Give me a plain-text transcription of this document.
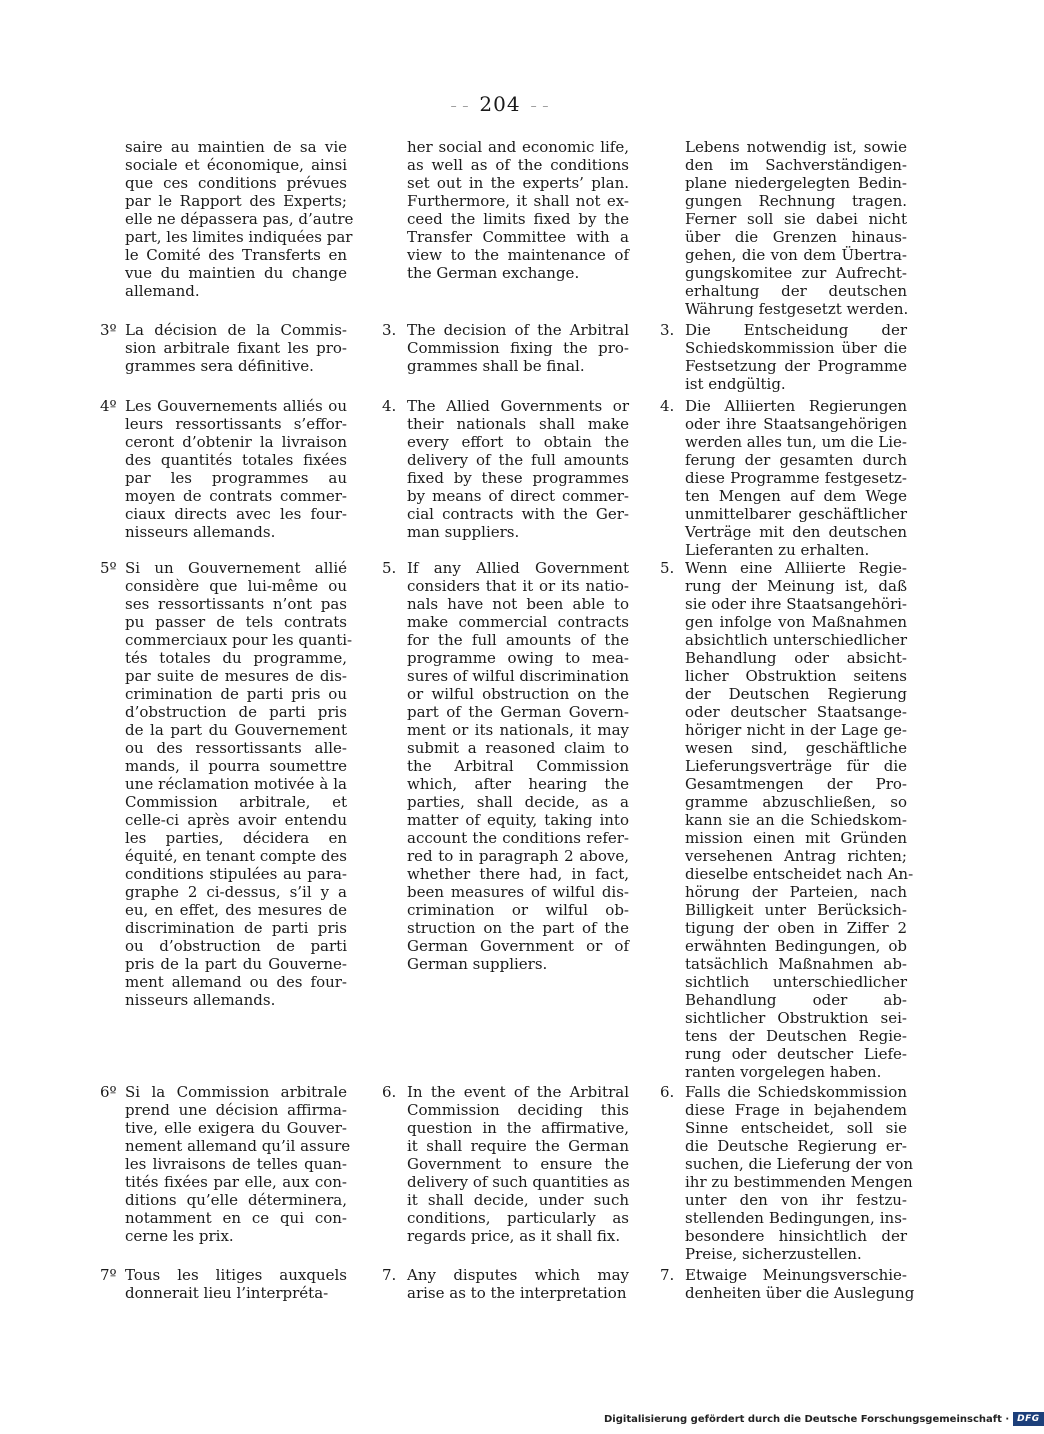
– – 204 – –
saire au maintien de sa vie
sociale et économique, ainsi
que ces conditions prévues
par le Rapport des Experts;
elle ne dépassera pas, d’autre
part, les limites indiquées par
le Comité des Transferts en
vue du maintien du change
allemand.
3º La décision de la Commis-
sion arbitrale fixant les pro-
grammes sera définitive.
4º Les Gouvernements alliés ou
leurs ressortissants s’effor-
ceront d’obtenir la livraison
des quantités totales fixées
par les programmes au
moyen de contrats commer-
ciaux directs avec les four-
nisseurs allemands.
5º Si un Gouvernement allié
considère que lui-même ou
ses ressortissants n’ont pas
pu passer de tels contrats
commerciaux pour les quanti-
tés totales du programme,
par suite de mesures de dis-
crimination de parti pris ou
d’obstruction de parti pris
de la part du Gouvernement
ou des ressortissants alle-
mands, il pourra soumettre
une réclamation motivée à la
Commission arbitrale, et
celle-ci après avoir entendu
les parties, décidera en
équité, en tenant compte des
conditions stipulées au para-
graphe 2 ci-dessus, s’il y a
eu, en effet, des mesures de
discrimination de parti pris
ou d’obstruction de parti
pris de la part du Gouverne-
ment allemand ou des four-
nisseurs allemands.
6º Si la Commission arbitrale
prend une décision affirma-
tive, elle exigera du Gouver-
nement allemand qu’il assure
les livraisons de telles quan-
tités fixées par elle, aux con-
ditions qu’elle déterminera,
notamment en ce qui con-
cerne les prix.
7º Tous les litiges auxquels
donnerait lieu l’interpréta-
her social and economic life,
as well as of the conditions
set out in the experts’ plan.
Furthermore, it shall not ex-
ceed the limits fixed by the
Transfer Committee with a
view to the maintenance of
the German exchange.
3. The decision of the Arbitral
Commission fixing the pro-
grammes shall be final.
4. The Allied Governments or
their nationals shall make
every effort to obtain the
delivery of the full amounts
fixed by these programmes
by means of direct commer-
cial contracts with the Ger-
man suppliers.
5. If any Allied Government
considers that it or its natio-
nals have not been able to
make commercial contracts
for the full amounts of the
programme owing to mea-
sures of wilful discrimination
or wilful obstruction on the
part of the German Govern-
ment or its nationals, it may
submit a reasoned claim to
the Arbitral Commission
which, after hearing the
parties, shall decide, as a
matter of equity, taking into
account the conditions refer-
red to in paragraph 2 above,
whether there had, in fact,
been measures of wilful dis-
crimination or wilful ob-
struction on the part of the
German Government or of
German suppliers.
6. In the event of the Arbitral
Commission deciding this
question in the affirmative,
it shall require the German
Government to ensure the
delivery of such quantities as
it shall decide, under such
conditions, particularly as
regards price, as it shall fix.
7. Any disputes which may
arise as to the interpretation
Lebens notwendig ist, sowie
den im Sachverständigen-
plane niedergelegten Bedin-
gungen Rechnung tragen.
Ferner soll sie dabei nicht
über die Grenzen hinaus-
gehen, die von dem Übertra-
gungskomitee zur Aufrecht-
erhaltung der deutschen
Währung festgesetzt werden.
3. Die Entscheidung der
Schiedskommission über die
Festsetzung der Programme
ist endgültig.
4. Die Alliierten Regierungen
oder ihre Staatsangehörigen
werden alles tun, um die Lie-
ferung der gesamten durch
diese Programme festgesetz-
ten Mengen auf dem Wege
unmittelbarer geschäftlicher
Verträge mit den deutschen
Lieferanten zu erhalten.
5. Wenn eine Alliierte Regie-
rung der Meinung ist, daß
sie oder ihre Staatsangehöri-
gen infolge von Maßnahmen
absichtlich unterschiedlicher
Behandlung oder absicht-
licher Obstruktion seitens
der Deutschen Regierung
oder deutscher Staatsange-
höriger nicht in der Lage ge-
wesen sind, geschäftliche
Lieferungsverträge für die
Gesamtmengen der Pro-
gramme abzuschließen, so
kann sie an die Schiedskom-
mission einen mit Gründen
versehenen Antrag richten;
dieselbe entscheidet nach An-
hörung der Parteien, nach
Billigkeit unter Berücksich-
tigung der oben in Ziffer 2
erwähnten Bedingungen, ob
tatsächlich Maßnahmen ab-
sichtlich unterschiedlicher
Behandlung oder ab-
sichtlicher Obstruktion sei-
tens der Deutschen Regie-
rung oder deutscher Liefe-
ranten vorgelegen haben.
6. Falls die Schiedskommission
diese Frage in bejahendem
Sinne entscheidet, soll sie
die Deutsche Regierung er-
suchen, die Lieferung der von
ihr zu bestimmenden Mengen
unter den von ihr festzu-
stellenden Bedingungen, ins-
besondere hinsichtlich der
Preise, sicherzustellen.
7. Etwaige Meinungsverschie-
denheiten über die Auslegung
Digitalisierung gefördert durch die Deutsche Forschungsgemeinschaft · DFG
